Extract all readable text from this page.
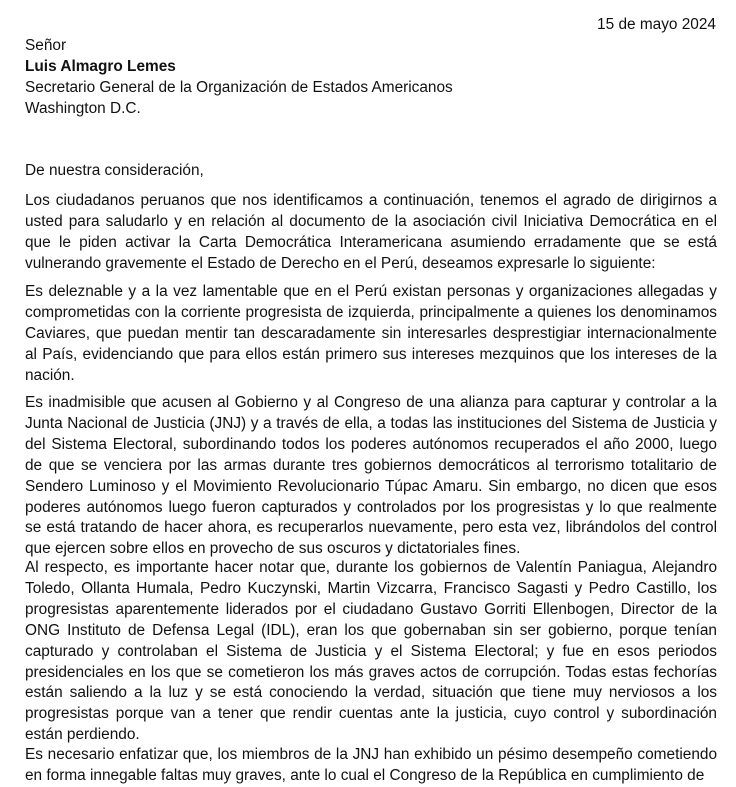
15 de mayo 2024
Señor
Luis Almagro Lemes
Secretario General de la Organización de Estados Americanos
Washington D.C.
De nuestra consideración,
Los ciudadanos peruanos que nos identificamos a continuación, tenemos el agrado de dirigirnos a usted para saludarlo y en relación al documento de la asociación civil Iniciativa Democrática en el que le piden activar la Carta Democrática Interamericana asumiendo erradamente que se está vulnerando gravemente el Estado de Derecho en el Perú, deseamos expresarle lo siguiente:
Es deleznable y a la vez lamentable que en el Perú existan personas y organizaciones allegadas y comprometidas con la corriente progresista de izquierda, principalmente a quienes los denominamos Caviares, que puedan mentir tan descaradamente sin interesarles desprestigiar internacionalmente al País, evidenciando que para ellos están primero sus intereses mezquinos que los intereses de la nación.
Es inadmisible que acusen al Gobierno y al Congreso de una alianza para capturar y controlar a la Junta Nacional de Justicia (JNJ) y a través de ella, a todas las instituciones del Sistema de Justicia y del Sistema Electoral, subordinando todos los poderes autónomos recuperados el año 2000, luego de que se venciera por las armas durante tres gobiernos democráticos al terrorismo totalitario de Sendero Luminoso y el Movimiento Revolucionario Túpac Amaru. Sin embargo, no dicen que esos poderes autónomos luego fueron capturados y controlados por los progresistas y lo que realmente se está tratando de hacer ahora, es recuperarlos nuevamente, pero esta vez, librándolos del control que ejercen sobre ellos en provecho de sus oscuros y dictatoriales fines.
Al respecto, es importante hacer notar que, durante los gobiernos de Valentín Paniagua, Alejandro Toledo, Ollanta Humala, Pedro Kuczynski, Martin Vizcarra, Francisco Sagasti y Pedro Castillo, los progresistas aparentemente liderados por el ciudadano Gustavo Gorriti Ellenbogen, Director de la ONG Instituto de Defensa Legal (IDL), eran los que gobernaban sin ser gobierno, porque tenían capturado y controlaban el Sistema de Justicia y el Sistema Electoral; y fue en esos periodos presidenciales en los que se cometieron los más graves actos de corrupción. Todas estas fechorías están saliendo a la luz y se está conociendo la verdad, situación que tiene muy nerviosos a los progresistas porque van a tener que rendir cuentas ante la justicia, cuyo control y subordinación están perdiendo.
Es necesario enfatizar que, los miembros de la JNJ han exhibido un pésimo desempeño cometiendo en forma innegable faltas muy graves, ante lo cual el Congreso de la República en cumplimiento de
